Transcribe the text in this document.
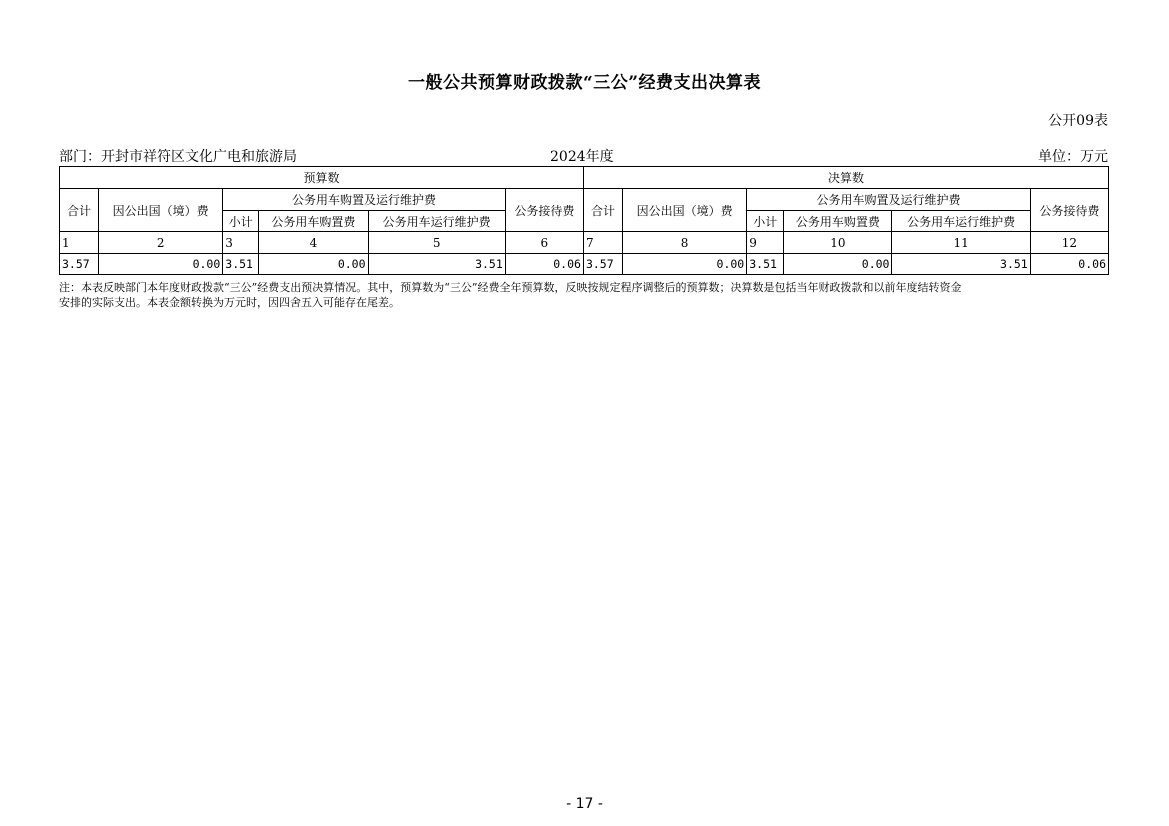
一般公共预算财政拨款“三公”经费支出决算表
公开09表
部门：开封市祥符区文化广电和旅游局	2024年度	单位：万元
预算数						决算数					
合计	因公出国（境）费	公务用车购置及运行维护费			公务接待费	合计	因公出国（境）费	公务用车购置及运行维护费			公务接待费
		小计	公务用车购置费	公务用车运行维护费				小计	公务用车购置费	公务用车运行维护费	
1	2	3	4	5	6	7	8	9	10	11	12
3.57	0.00	3.51	0.00	3.51	0.06	3.57	0.00	3.51	0.00	3.51	0.06
注：本表反映部门本年度财政拨款“三公”经费支出预决算情况。其中，预算数为“三公”经费全年预算数，反映按规定程序调整后的预算数；决算数是包括当年财政拨款和以前年度结转资金
安排的实际支出。本表金额转换为万元时，因四舍五入可能存在尾差。
- 17 -
